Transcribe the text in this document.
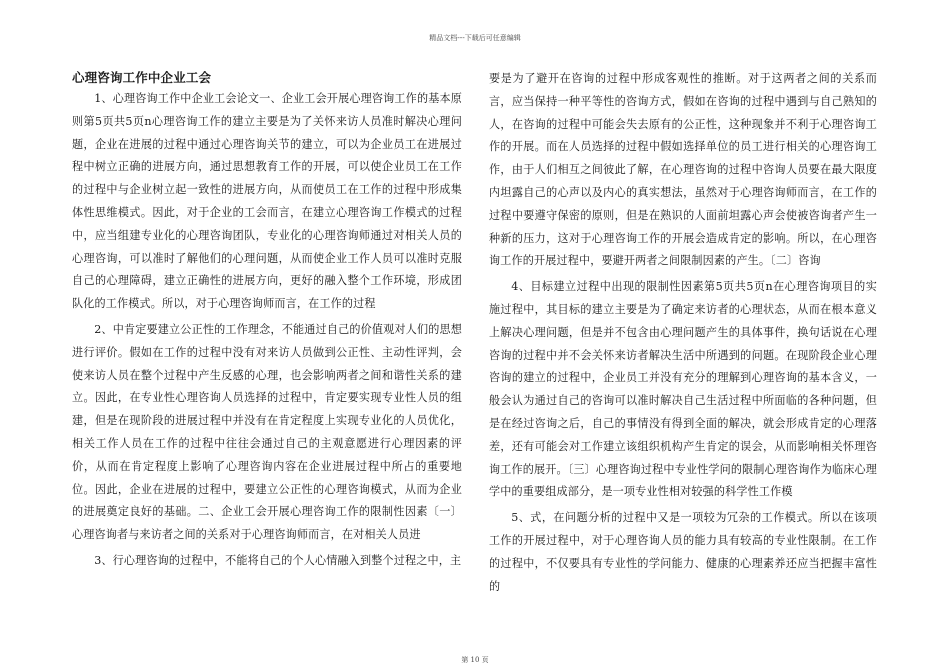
精品文档---下载后可任意编辑
心理咨询工作中企业工会

1、心理咨询工作中企业工会论文一、企业工会开展心理咨询工作的基本原则第5页共5页n心理咨询工作的建立主要是为了关怀来访人员准时解决心理问题，企业在进展的过程中通过心理咨询关节的建立，可以为企业员工在进展过程中树立正确的进展方向，通过思想教育工作的开展，可以使企业员工在工作的过程中与企业树立起一致性的进展方向，从而使员工在工作的过程中形成集体性思维模式。因此，对于企业的工会而言，在建立心理咨询工作模式的过程中，应当组建专业化的心理咨询团队，专业化的心理咨询师通过对相关人员的心理咨询，可以准时了解他们的心理问题，从而使企业工作人员可以准时克服自己的心理障碍，建立正确性的进展方向，更好的融入整个工作环境，形成团队化的工作模式。所以，对于心理咨询师而言，在工作的过程

2、中肯定要建立公正性的工作理念，不能通过自己的价值观对人们的思想进行评价。假如在工作的过程中没有对来访人员做到公正性、主动性评判，会使来访人员在整个过程中产生反感的心理，也会影响两者之间和谐性关系的建立。因此，在专业性心理咨询人员选择的过程中，肯定要实现专业性人员的组建，但是在现阶段的进展过程中并没有在肯定程度上实现专业化的人员优化，相关工作人员在工作的过程中往往会通过自己的主观意愿进行心理因素的评价，从而在肯定程度上影响了心理咨询内容在企业进展过程中所占的重要地位。因此，企业在进展的过程中，要建立公正性的心理咨询模式，从而为企业的进展奠定良好的基础。二、企业工会开展心理咨询工作的限制性因素〔一〕心理咨询者与来访者之间的关系对于心理咨询师而言，在对相关人员进

3、行心理咨询的过程中，不能将自己的个人心情融入到整个过程之中，主

要是为了避开在咨询的过程中形成客观性的推断。对于这两者之间的关系而言，应当保持一种平等性的咨询方式，假如在咨询的过程中遇到与自己熟知的人，在咨询的过程中可能会失去原有的公正性，这种现象并不利于心理咨询工作的开展。而在人员选择的过程中假如选择单位的员工进行相关的心理咨询工作，由于人们相互之间彼此了解，在心理咨询的过程中咨询人员要在最大限度内坦露自己的心声以及内心的真实想法，虽然对于心理咨询师而言，在工作的过程中要遵守保密的原则，但是在熟识的人面前坦露心声会使被咨询者产生一种新的压力，这对于心理咨询工作的开展会造成肯定的影响。所以，在心理咨询工作的开展过程中，要避开两者之间限制因素的产生。〔二〕咨询

4、目标建立过程中出现的限制性因素第5页共5页n在心理咨询项目的实施过程中，其目标的建立主要是为了确定来访者的心理状态，从而在根本意义上解决心理问题，但是并不包含由心理问题产生的具体事件，换句话说在心理咨询的过程中并不会关怀来访者解决生活中所遇到的问题。在现阶段企业心理咨询的建立的过程中，企业员工并没有充分的理解到心理咨询的基本含义，一般会认为通过自己的咨询可以准时解决自己生活过程中所面临的各种问题，但是在经过咨询之后，自己的事情没有得到全面的解决，就会形成肯定的心理落差，还有可能会对工作建立该组织机构产生肯定的误会，从而影响相关怀理咨询工作的展开。〔三〕心理咨询过程中专业性学问的限制心理咨询作为临床心理学中的重要组成部分，是一项专业性相对较强的科学性工作模

5、式，在问题分析的过程中又是一项较为冗杂的工作模式。所以在该项工作的开展过程中，对于心理咨询人员的能力具有较高的专业性限制。在工作的过程中，不仅要具有专业性的学问能力、健康的心理素养还应当把握丰富性的

第 10 页
